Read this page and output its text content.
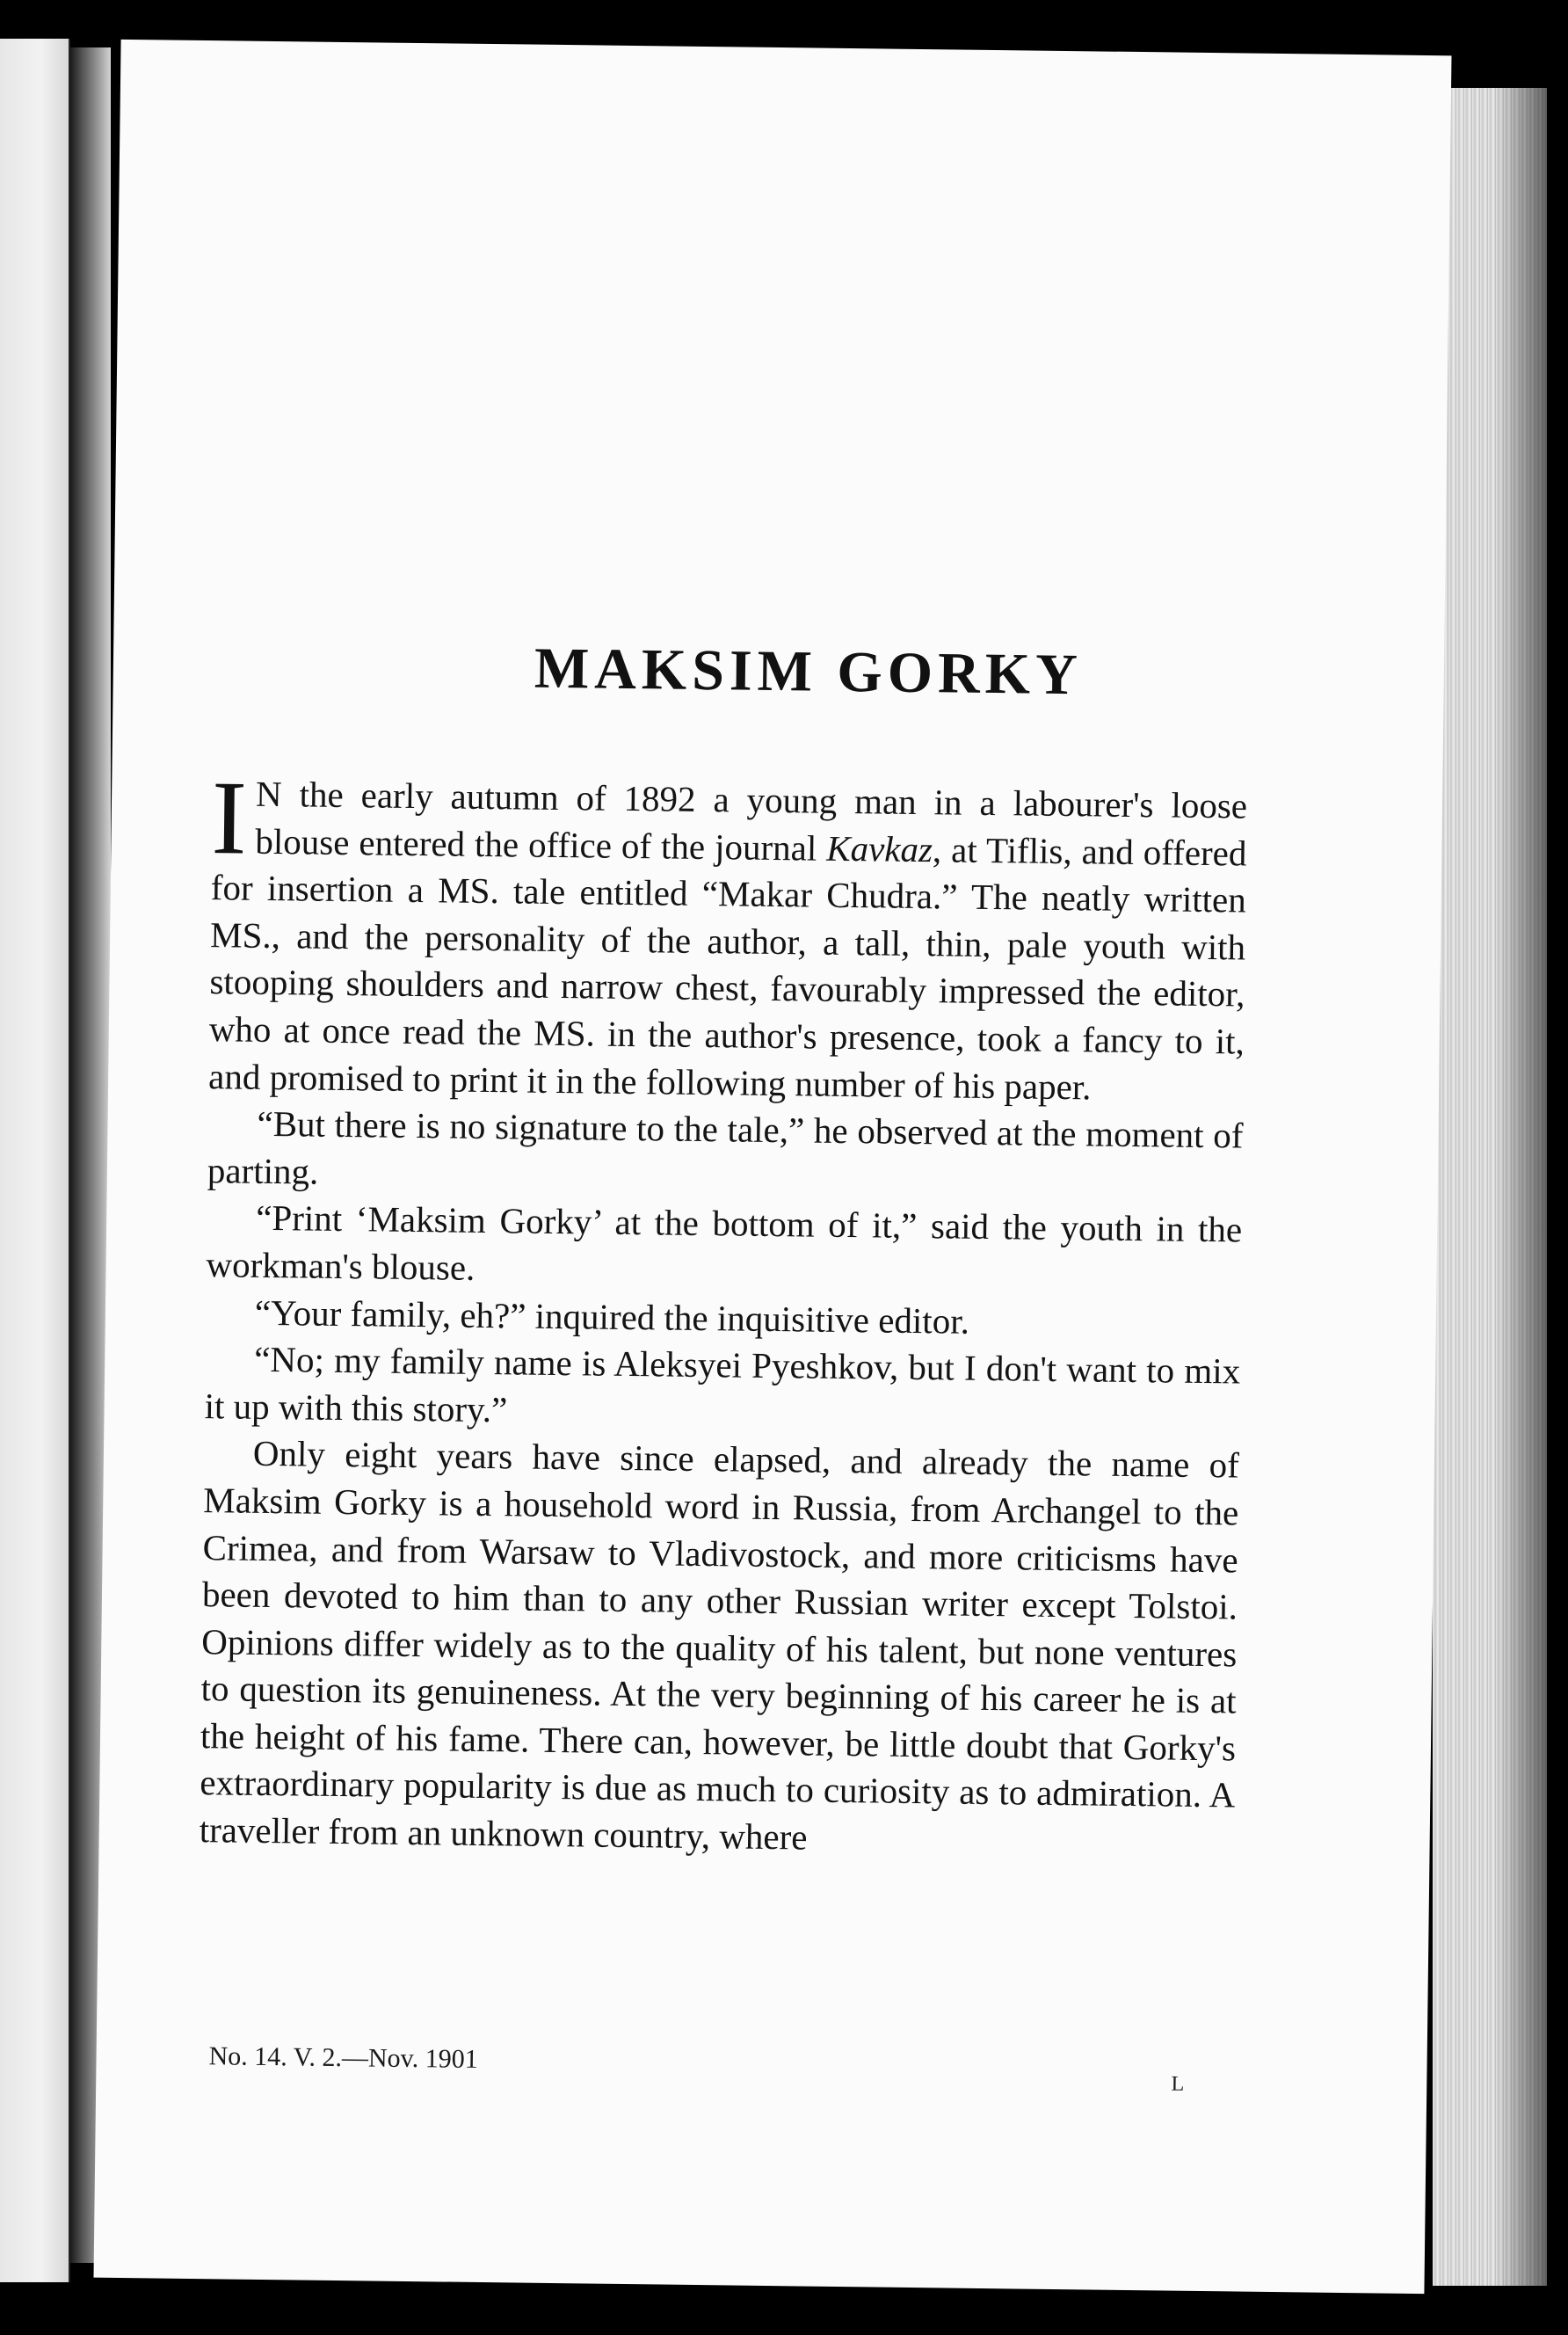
MAKSIM GORKY

I N the early autumn of 1892 a young man in a labourer's loose blouse entered the office of the journal Kavkaz, at Tiflis, and offered for insertion a MS. tale entitled “Makar Chudra.” The neatly written MS., and the personality of the author, a tall, thin, pale youth with stooping shoulders and narrow chest, favourably impressed the editor, who at once read the MS. in the author's presence, took a fancy to it, and promised to print it in the following number of his paper.

“But there is no signature to the tale,” he observed at the moment of parting.

“Print ‘Maksim Gorky’ at the bottom of it,” said the youth in the workman's blouse.

“Your family, eh?” inquired the inquisitive editor.

“No; my family name is Aleksyei Pyeshkov, but I don't want to mix it up with this story.”

Only eight years have since elapsed, and already the name of Maksim Gorky is a household word in Russia, from Archangel to the Crimea, and from Warsaw to Vladivostock, and more criticisms have been devoted to him than to any other Russian writer except Tolstoi. Opinions differ widely as to the quality of his talent, but none ventures to question its genuineness. At the very beginning of his career he is at the height of his fame. There can, however, be little doubt that Gorky's extraordinary popularity is due as much to curiosity as to admiration. A traveller from an unknown country, where

No. 14. V. 2.—Nov. 1901
L
